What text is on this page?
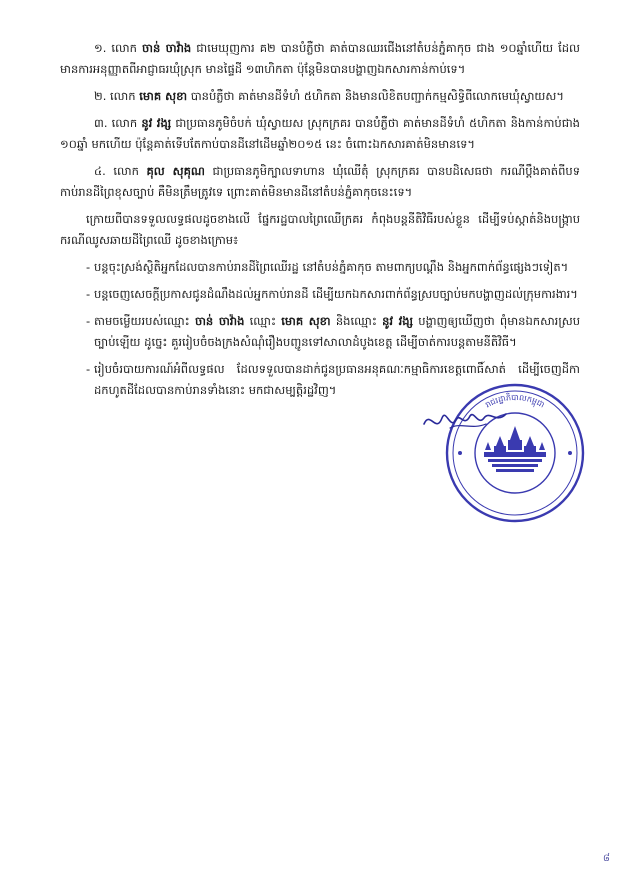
១. លោក ចាន់ ចាវ៉ាង ជាមេឃុញការ គ២ បានបំភ្លឺថា គាត់បានឈរជើងនៅតំបន់ភ្នំគាកុច ជាង ១០ឆ្នាំហើយ ដែលមានការអនុញ្ញាតពីអាជ្ញាធរឃុំស្រុក មានផ្ទៃដី ១៣ហិកតា ប៉ុន្តែមិនបានបង្ហាញឯកសារកាន់កាប់ទេ។

២. លោក មោគ សុខា បានបំភ្លឺថា គាត់មានដីទំហំ ៥ហិកតា និងមានលិខិតបញ្ជាក់កម្មសិទ្ធិពីលោកមេឃុំស្វាយស។

៣. លោក នូវ វង្ស ជាប្រធានភូមិចំបក់ ឃុំស្វាយស ស្រុកក្រគរ បានបំភ្លឺថា គាត់មានដីទំហំ ៥ហិកតា និងកាន់កាប់ជាង ១០ឆ្នាំ មកហើយ ប៉ុន្តែគាត់ទើបតែកាប់បានដីនៅដើមឆ្នាំ២០១៥ នេះ ចំពោះឯកសារគាត់មិនមានទេ។

៤. លោក គុល សុគុណ ជាប្រធានភូមិក្បាលទាហាន ឃុំឈើតុំ ស្រុកក្រគរ បានបដិសេធថា ករណីប្តឹងគាត់ពីបទកាប់រានដីព្រៃខុសច្បាប់ គឺមិនត្រឹមត្រូវទេ ព្រោះគាត់មិនមានដីនៅតំបន់ភ្នំគាកុចនេះទេ។

ក្រោយពីបានទទួលលទ្ធផលដូចខាងលើ ផ្នែករដ្ឋបាលព្រៃឈើក្រគរ កំពុងបន្តនីតិវិធីរបស់ខ្លួន ដើម្បីទប់ស្កាត់និងបង្ក្រាបករណីឈូសឆាយដីព្រៃឈើ ដូចខាងក្រោម៖

- បន្តចុះស្រង់ស្ថិតិអ្នកដែលបានកាប់រានដីព្រៃឈើរដ្ឋ នៅតំបន់ភ្នំគាកុច តាមពាក្យបណ្តឹង និងអ្នកពាក់ព័ន្ធផ្សេងៗទៀត។

- បន្តចេញសេចក្តីប្រកាសជូនដំណឹងដល់អ្នកកាប់រានដី ដើម្បីយកឯកសារពាក់ព័ន្ធស្របច្បាប់មកបង្ហាញដល់ក្រុមការងារ។

- តាមចម្លើយរបស់ឈ្មោះ ចាន់ ចាវ៉ាង ឈ្មោះ មោគ សុខា និងឈ្មោះ នូវ វង្ស បង្ហាញឲ្យឃើញថា ពុំមានឯកសារស្របច្បាប់ឡើយ ដូច្នេះ គួររៀបចំចងក្រងសំណុំរឿងបញ្ជូនទៅសាលាដំបូងខេត្ត ដើម្បីចាត់ការបន្តតាមនីតិវិធី។

- រៀបចំរបាយការណ៍អំពីលទ្ធផល ដែលទទួលបានដាក់ជូនប្រធានអនុគណៈកម្មាធិការខេត្តពោធិ៍សាត់ ដើម្បីចេញដីកាដកហូតដីដែលបានកាប់រានទាំងនោះ មកជាសម្បត្តិរដ្ឋវិញ។

រាជរដ្ឋាភិបាលកម្ពុជា
៨
